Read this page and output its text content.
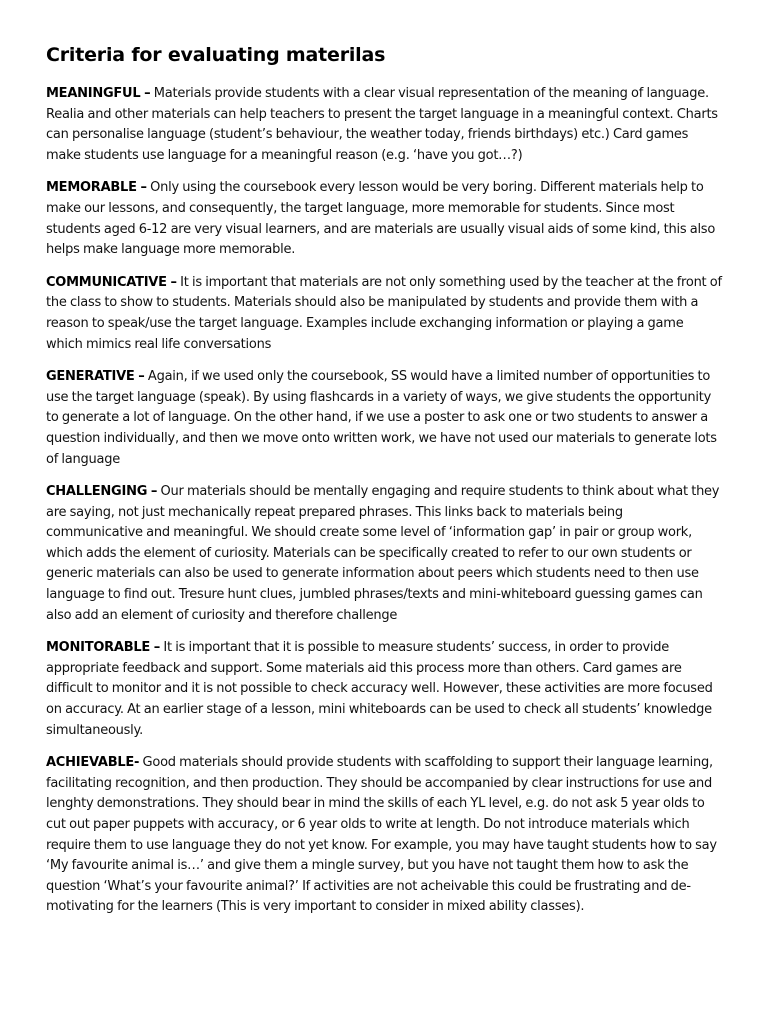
Criteria for evaluating materilas

MEANINGFUL – Materials provide students with a clear visual representation of the meaning of language. Realia and other materials can help teachers to present the target language in a meaningful context. Charts can personalise language (student’s behaviour, the weather today, friends birthdays) etc.) Card games make students use language for a meaningful reason (e.g. ‘have you got…?)

MEMORABLE – Only using the coursebook every lesson would be very boring. Different materials help to make our lessons, and consequently, the target language, more memorable for students. Since most students aged 6-12 are very visual learners, and are materials are usually visual aids of some kind, this also helps make language more memorable.

COMMUNICATIVE – It is important that materials are not only something used by the teacher at the front of the class to show to students. Materials should also be manipulated by students and provide them with a reason to speak/use the target language. Examples include exchanging information or playing a game which mimics real life conversations

GENERATIVE – Again, if we used only the coursebook, SS would have a limited number of opportunities to use the target language (speak). By using flashcards in a variety of ways, we give students the opportunity to generate a lot of language. On the other hand, if we use a poster to ask one or two students to answer a question individually, and then we move onto written work, we have not used our materials to generate lots of language

CHALLENGING – Our materials should be mentally engaging and require students to think about what they are saying, not just mechanically repeat prepared phrases. This links back to materials being communicative and meaningful. We should create some level of ‘information gap’ in pair or group work, which adds the element of curiosity. Materials can be specifically created to refer to our own students or generic materials can also be used to generate information about peers which students need to then use language to find out. Tresure hunt clues, jumbled phrases/texts and mini-whiteboard guessing games can also add an element of curiosity and therefore challenge

MONITORABLE – It is important that it is possible to measure students’ success, in order to provide appropriate feedback and support. Some materials aid this process more than others. Card games are difficult to monitor and it is not possible to check accuracy well. However, these activities are more focused on accuracy. At an earlier stage of a lesson, mini whiteboards can be used to check all students’ knowledge simultaneously.

ACHIEVABLE- Good materials should provide students with scaffolding to support their language learning, facilitating recognition, and then production. They should be accompanied by clear instructions for use and lenghty demonstrations. They should bear in mind the skills of each YL level, e.g. do not ask 5 year olds to cut out paper puppets with accuracy, or 6 year olds to write at length. Do not introduce materials which require them to use language they do not yet know. For example, you may have taught students how to say ‘My favourite animal is…’ and give them a mingle survey, but you have not taught them how to ask the question ‘What’s your favourite animal?’ If activities are not acheivable this could be frustrating and de-motivating for the learners (This is very important to consider in mixed ability classes).
